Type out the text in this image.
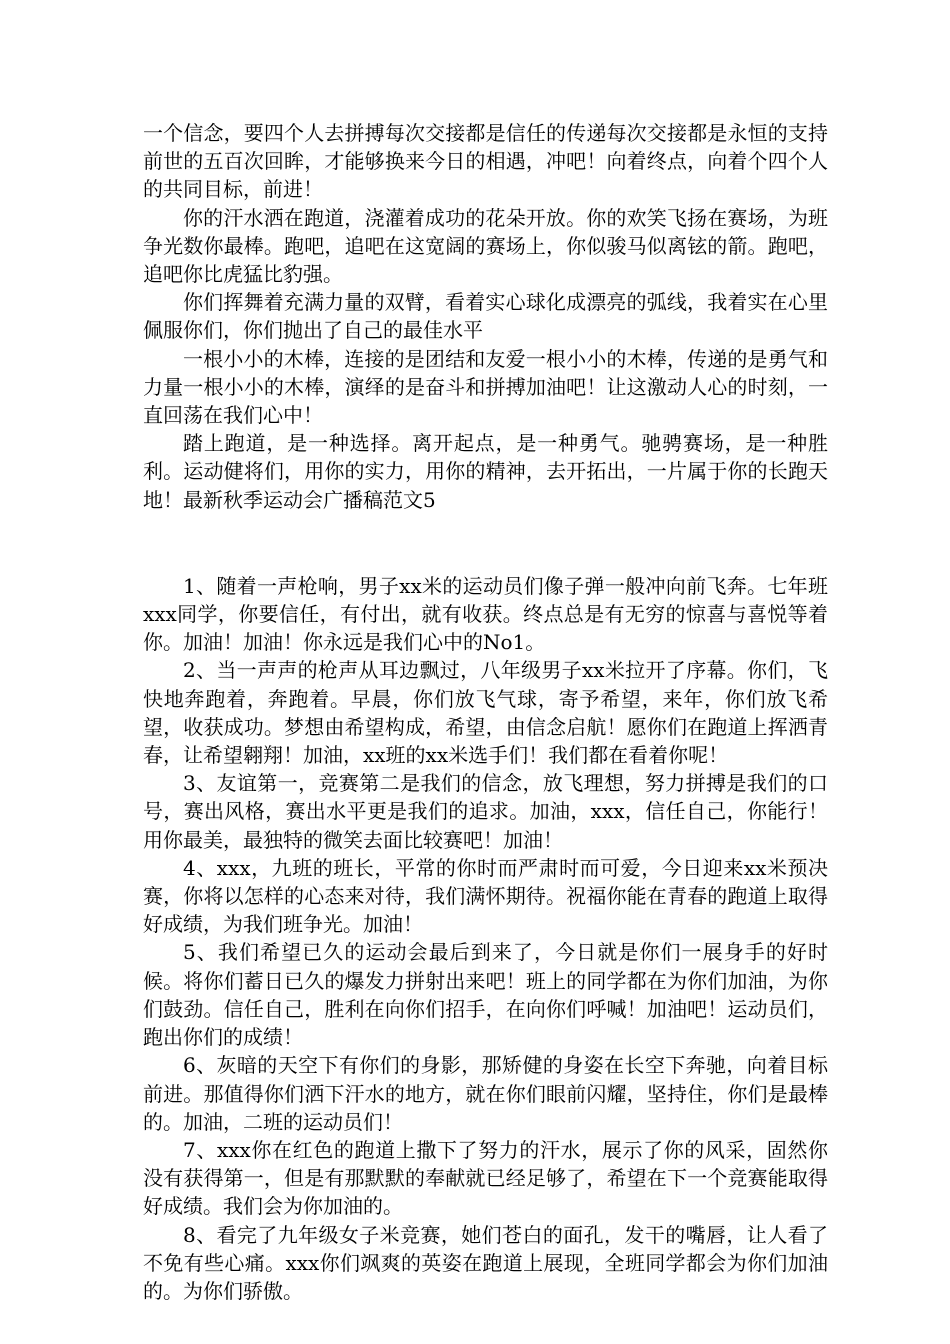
一个信念，要四个人去拼搏每次交接都是信任的传递每次交接都是永恒的支持前世的五百次回眸，才能够换来今日的相遇，冲吧！向着终点，向着个四个人的共同目标，前进！

你的汗水洒在跑道，浇灌着成功的花朵开放。你的欢笑飞扬在赛场，为班争光数你最棒。跑吧，追吧在这宽阔的赛场上，你似骏马似离铉的箭。跑吧，追吧你比虎猛比豹强。

你们挥舞着充满力量的双臂，看着实心球化成漂亮的弧线，我着实在心里佩服你们，你们抛出了自己的最佳水平

一根小小的木棒，连接的是团结和友爱一根小小的木棒，传递的是勇气和力量一根小小的木棒，演绎的是奋斗和拼搏加油吧！让这激动人心的时刻，一直回荡在我们心中！

踏上跑道，是一种选择。离开起点，是一种勇气。驰骋赛场，是一种胜利。运动健将们，用你的实力，用你的精神，去开拓出，一片属于你的长跑天地！最新秋季运动会广播稿范文5

1、随着一声枪响，男子xx米的运动员们像子弹一般冲向前飞奔。七年班xxx同学，你要信任，有付出，就有收获。终点总是有无穷的惊喜与喜悦等着你。加油！加油！你永远是我们心中的No1。

2、当一声声的枪声从耳边飘过，八年级男子xx米拉开了序幕。你们，飞快地奔跑着，奔跑着。早晨，你们放飞气球，寄予希望，来年，你们放飞希望，收获成功。梦想由希望构成，希望，由信念启航！愿你们在跑道上挥洒青春，让希望翱翔！加油，xx班的xx米选手们！我们都在看着你呢！

3、友谊第一，竞赛第二是我们的信念，放飞理想，努力拼搏是我们的口号，赛出风格，赛出水平更是我们的追求。加油，xxx，信任自己，你能行！用你最美，最独特的微笑去面比较赛吧！加油！

4、xxx，九班的班长，平常的你时而严肃时而可爱，今日迎来xx米预决赛，你将以怎样的心态来对待，我们满怀期待。祝福你能在青春的跑道上取得好成绩，为我们班争光。加油！

5、我们希望已久的运动会最后到来了，今日就是你们一展身手的好时候。将你们蓄日已久的爆发力拼射出来吧！班上的同学都在为你们加油，为你们鼓劲。信任自己，胜利在向你们招手，在向你们呼喊！加油吧！运动员们，跑出你们的成绩！

6、灰暗的天空下有你们的身影，那矫健的身姿在长空下奔驰，向着目标前进。那值得你们洒下汗水的地方，就在你们眼前闪耀，坚持住，你们是最棒的。加油，二班的运动员们！

7、xxx你在红色的跑道上撒下了努力的汗水，展示了你的风采，固然你没有获得第一，但是有那默默的奉献就已经足够了，希望在下一个竞赛能取得好成绩。我们会为你加油的。

8、看完了九年级女子米竞赛，她们苍白的面孔，发干的嘴唇，让人看了不免有些心痛。xxx你们飒爽的英姿在跑道上展现，全班同学都会为你们加油的。为你们骄傲。
